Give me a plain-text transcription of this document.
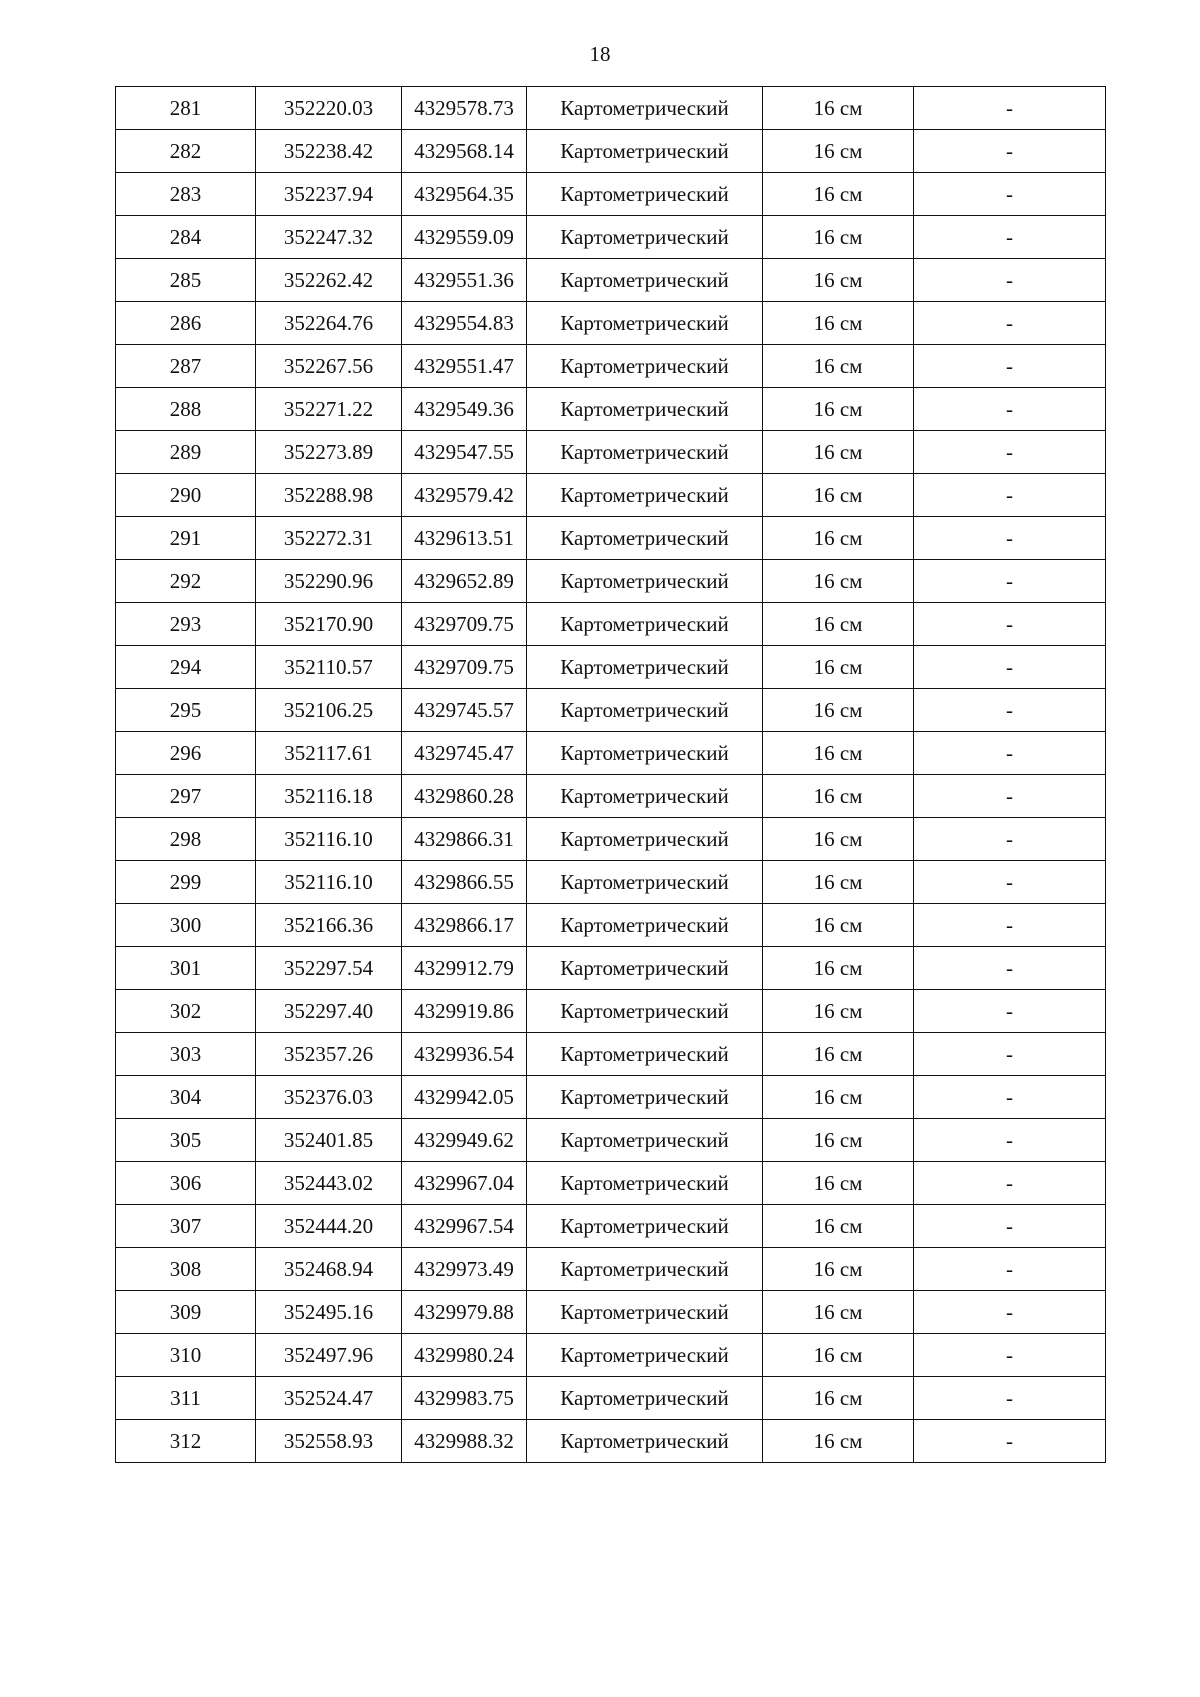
18
281	352220.03	4329578.73	Картометрический	16 см	-
282	352238.42	4329568.14	Картометрический	16 см	-
283	352237.94	4329564.35	Картометрический	16 см	-
284	352247.32	4329559.09	Картометрический	16 см	-
285	352262.42	4329551.36	Картометрический	16 см	-
286	352264.76	4329554.83	Картометрический	16 см	-
287	352267.56	4329551.47	Картометрический	16 см	-
288	352271.22	4329549.36	Картометрический	16 см	-
289	352273.89	4329547.55	Картометрический	16 см	-
290	352288.98	4329579.42	Картометрический	16 см	-
291	352272.31	4329613.51	Картометрический	16 см	-
292	352290.96	4329652.89	Картометрический	16 см	-
293	352170.90	4329709.75	Картометрический	16 см	-
294	352110.57	4329709.75	Картометрический	16 см	-
295	352106.25	4329745.57	Картометрический	16 см	-
296	352117.61	4329745.47	Картометрический	16 см	-
297	352116.18	4329860.28	Картометрический	16 см	-
298	352116.10	4329866.31	Картометрический	16 см	-
299	352116.10	4329866.55	Картометрический	16 см	-
300	352166.36	4329866.17	Картометрический	16 см	-
301	352297.54	4329912.79	Картометрический	16 см	-
302	352297.40	4329919.86	Картометрический	16 см	-
303	352357.26	4329936.54	Картометрический	16 см	-
304	352376.03	4329942.05	Картометрический	16 см	-
305	352401.85	4329949.62	Картометрический	16 см	-
306	352443.02	4329967.04	Картометрический	16 см	-
307	352444.20	4329967.54	Картометрический	16 см	-
308	352468.94	4329973.49	Картометрический	16 см	-
309	352495.16	4329979.88	Картометрический	16 см	-
310	352497.96	4329980.24	Картометрический	16 см	-
311	352524.47	4329983.75	Картометрический	16 см	-
312	352558.93	4329988.32	Картометрический	16 см	-
